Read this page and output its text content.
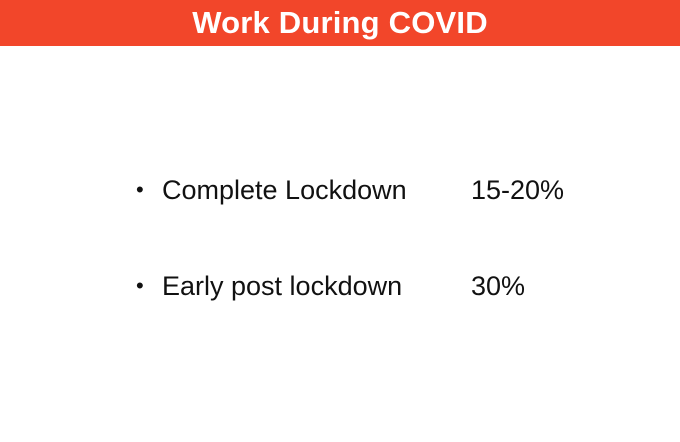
Work During COVID
• Complete Lockdown	15-20%
• Early post lockdown	30%
